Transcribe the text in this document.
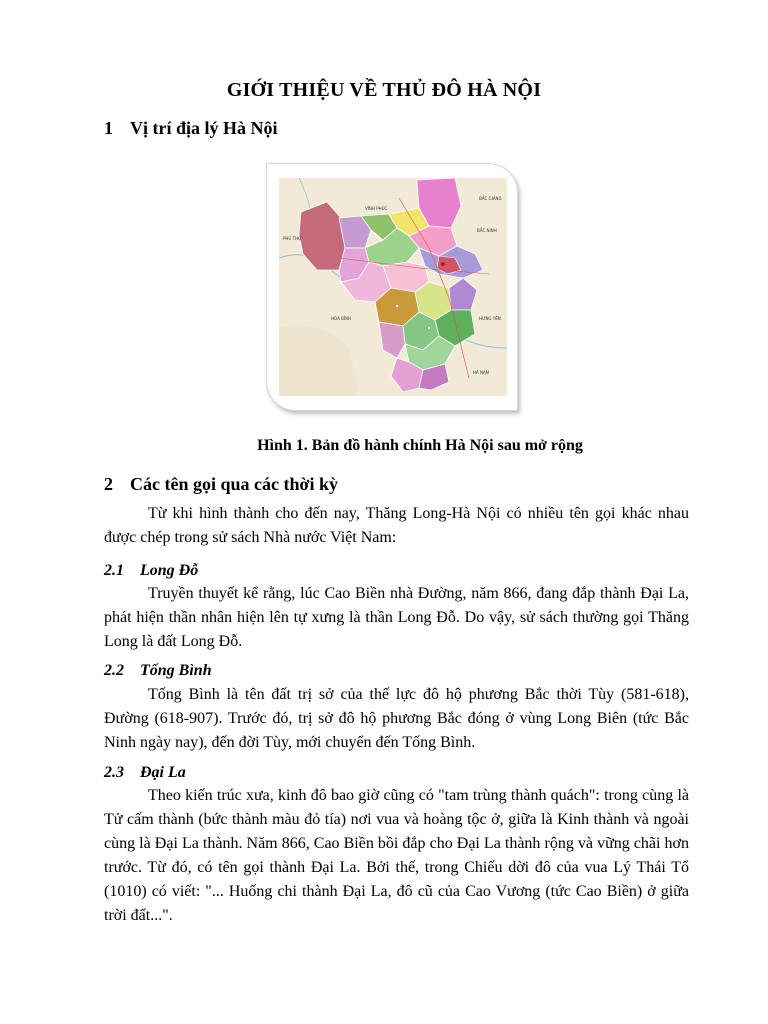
GIỚI THIỆU VỀ THỦ ĐÔ HÀ NỘI
1 Vị trí địa lý Hà Nội
BẮC GIANG
VĨNH PHÚC
BẮC NINH
PHÚ THỌ
HƯNG YÊN
HÒA BÌNH
HÀ NAM
Hình 1. Bản đồ hành chính Hà Nội sau mở rộng
2 Các tên gọi qua các thời kỳ
Từ khi hình thành cho đến nay, Thăng Long-Hà Nội có nhiều tên gọi khác nhau được chép trong sử sách Nhà nước Việt Nam:
2.1 Long Đỗ
Truyền thuyết kể rằng, lúc Cao Biền nhà Đường, năm 866, đang đắp thành Đại La, phát hiện thần nhân hiện lên tự xưng là thần Long Đỗ. Do vậy, sử sách thường gọi Thăng Long là đất Long Đỗ.
2.2 Tống Bình
Tống Bình là tên đất trị sở của thế lực đô hộ phương Bắc thời Tùy (581-618), Đường (618-907). Trước đó, trị sở đô hộ phương Bắc đóng ở vùng Long Biên (tức Bắc Ninh ngày nay), đến đời Tùy, mới chuyển đến Tống Bình.
2.3 Đại La
Theo kiến trúc xưa, kinh đô bao giờ cũng có "tam trùng thành quách": trong cùng là Tử cấm thành (bức thành màu đỏ tía) nơi vua và hoàng tộc ở, giữa là Kinh thành và ngoài cùng là Đại La thành. Năm 866, Cao Biền bồi đắp cho Đại La thành rộng và vững chãi hơn trước. Từ đó, có tên gọi thành Đại La. Bởi thế, trong Chiếu dời đô của vua Lý Thái Tổ (1010) có viết: "... Huống chi thành Đại La, đô cũ của Cao Vương (tức Cao Biền) ở giữa trời đất...".
